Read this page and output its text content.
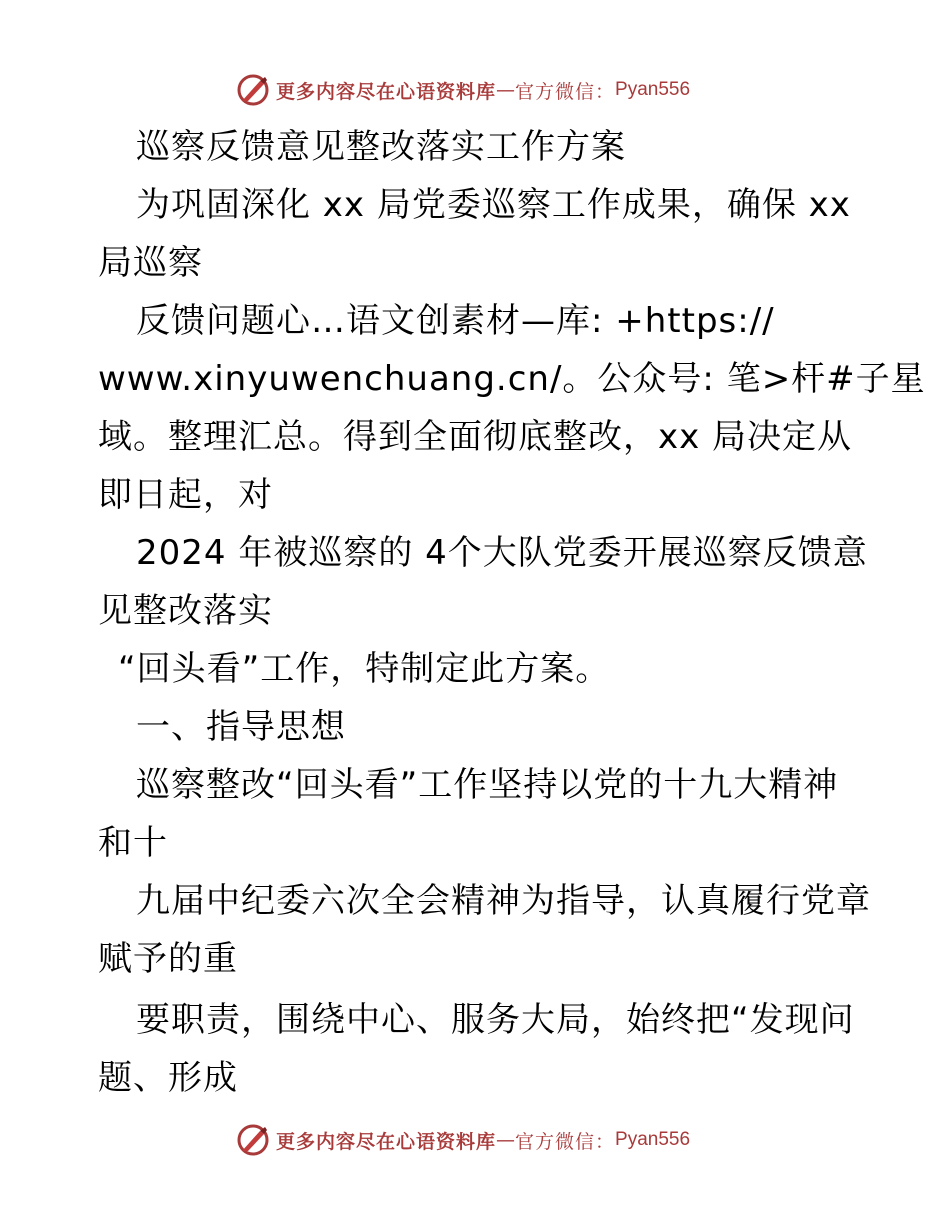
更多内容尽在心语资料库 — 官方微信： Pyan556
巡察反馈意见整改落实工作方案
为巩固深化 xx 局党委巡察工作成果，确保 xx
局巡察
反馈问题心…语文创素材—库: +https://
www.xinyuwenchuang.cn/。公众号: 笔>杆#子星
域。整理汇总。得到全面彻底整改，xx 局决定从
即日起，对
2024 年被巡察的 4个大队党委开展巡察反馈意
见整改落实
“回头看”工作，特制定此方案。
一、指导思想
巡察整改“回头看”工作坚持以党的十九大精神
和十
九届中纪委六次全会精神为指导，认真履行党章
赋予的重
要职责，围绕中心、服务大局，始终把“发现问
题、形成
更多内容尽在心语资料库 — 官方微信： Pyan556
